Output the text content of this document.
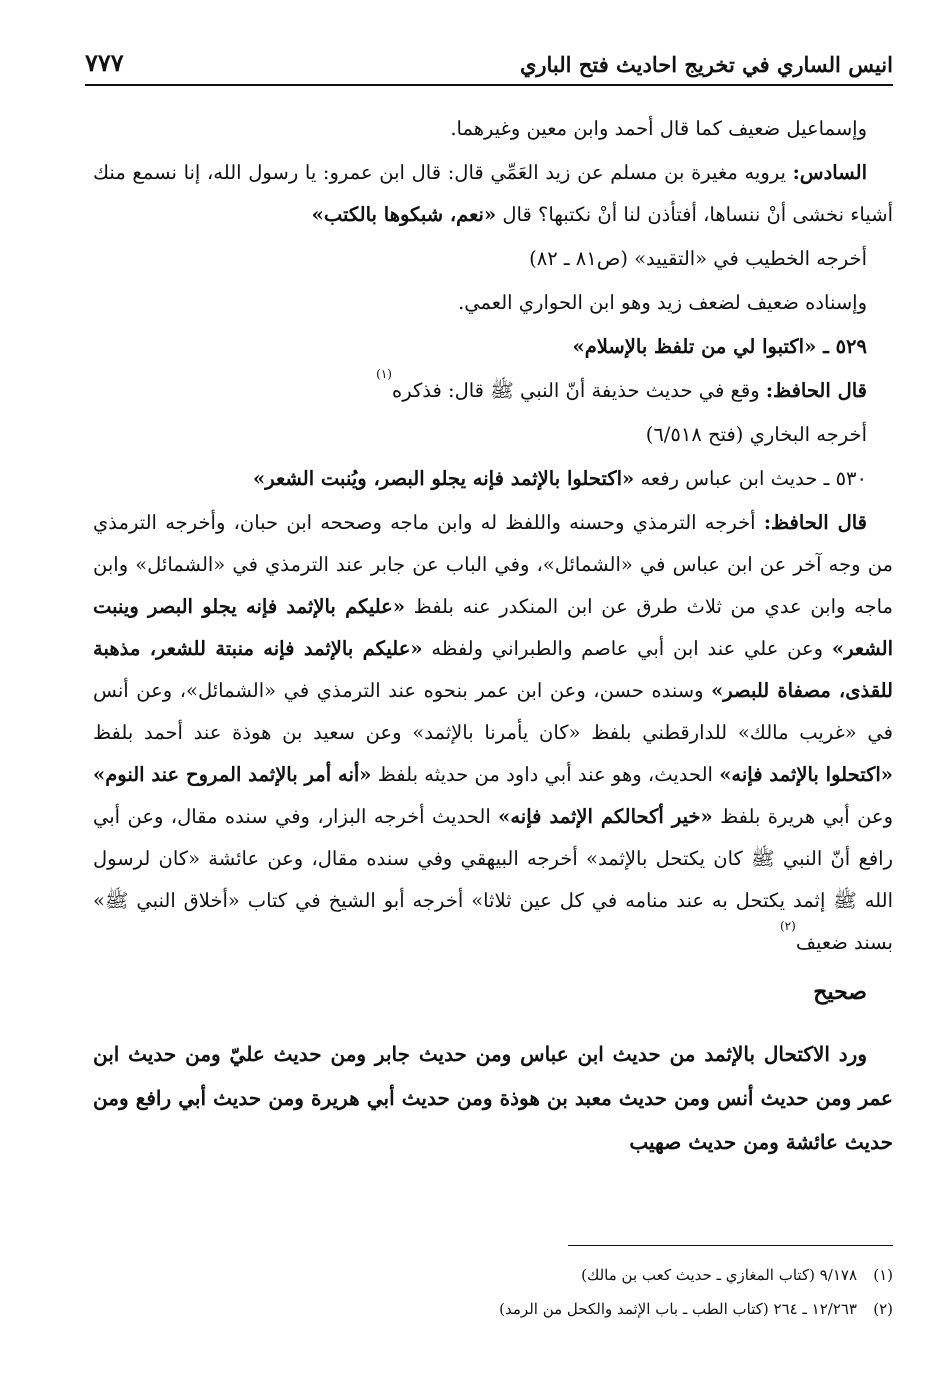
انيس الساري في تخريج احاديث فتح الباري
٧٧٧

وإسماعيل ضعيف كما قال أحمد وابن معين وغيرهما.

السادس: يرويه مغيرة بن مسلم عن زيد العَمِّي قال: قال ابن عمرو: يا رسول الله، إنا نسمع منك أشياء نخشى أنْ ننساها، أفتأذن لنا أنْ نكتبها؟ قال «نعم، شبكوها بالكتب»

أخرجه الخطيب في «التقييد» (ص٨١ ـ ٨٢)

وإسناده ضعيف لضعف زيد وهو ابن الحواري العمي.

٥٢٩ ـ «اكتبوا لي من تلفظ بالإسلام»

قال الحافظ: وقع في حديث حذيفة أنّ النبي ﷺ قال: فذكره$^{(١)}$

أخرجه البخاري (فتح ٦/٥١٨)

٥٣٠ ـ حديث ابن عباس رفعه «اكتحلوا بالإثمد فإنه يجلو البصر، ويُنبت الشعر»

قال الحافظ: أخرجه الترمذي وحسنه واللفظ له وابن ماجه وصححه ابن حبان، وأخرجه الترمذي من وجه آخر عن ابن عباس في «الشمائل»، وفي الباب عن جابر عند الترمذي في «الشمائل» وابن ماجه وابن عدي من ثلاث طرق عن ابن المنكدر عنه بلفظ «عليكم بالإثمد فإنه يجلو البصر وينبت الشعر» وعن علي عند ابن أبي عاصم والطبراني ولفظه «عليكم بالإثمد فإنه منبتة للشعر، مذهبة للقذى، مصفاة للبصر» وسنده حسن، وعن ابن عمر بنحوه عند الترمذي في «الشمائل»، وعن أنس في «غريب مالك» للدارقطني بلفظ «كان يأمرنا بالإثمد» وعن سعيد بن هوذة عند أحمد بلفظ «اكتحلوا بالإثمد فإنه» الحديث، وهو عند أبي داود من حديثه بلفظ «أنه أمر بالإثمد المروح عند النوم» وعن أبي هريرة بلفظ «خير أكحالكم الإثمد فإنه» الحديث أخرجه البزار، وفي سنده مقال، وعن أبي رافع أنّ النبي ﷺ كان يكتحل بالإثمد» أخرجه البيهقي وفي سنده مقال، وعن عائشة «كان لرسول الله ﷺ إثمد يكتحل به عند منامه في كل عين ثلاثا» أخرجه أبو الشيخ في كتاب «أخلاق النبي ﷺ» بسند ضعيف$^{(٢)}$

صحيح

ورد الاكتحال بالإثمد من حديث ابن عباس ومن حديث جابر ومن حديث عليّ ومن حديث ابن عمر ومن حديث أنس ومن حديث معبد بن هوذة ومن حديث أبي هريرة ومن حديث أبي رافع ومن حديث عائشة ومن حديث صهيب

(١)٩/١٧٨ (كتاب المغازي ـ حديث كعب بن مالك)
(٢)١٢/٢٦٣ ـ ٢٦٤ (كتاب الطب ـ باب الإثمد والكحل من الرمد)
